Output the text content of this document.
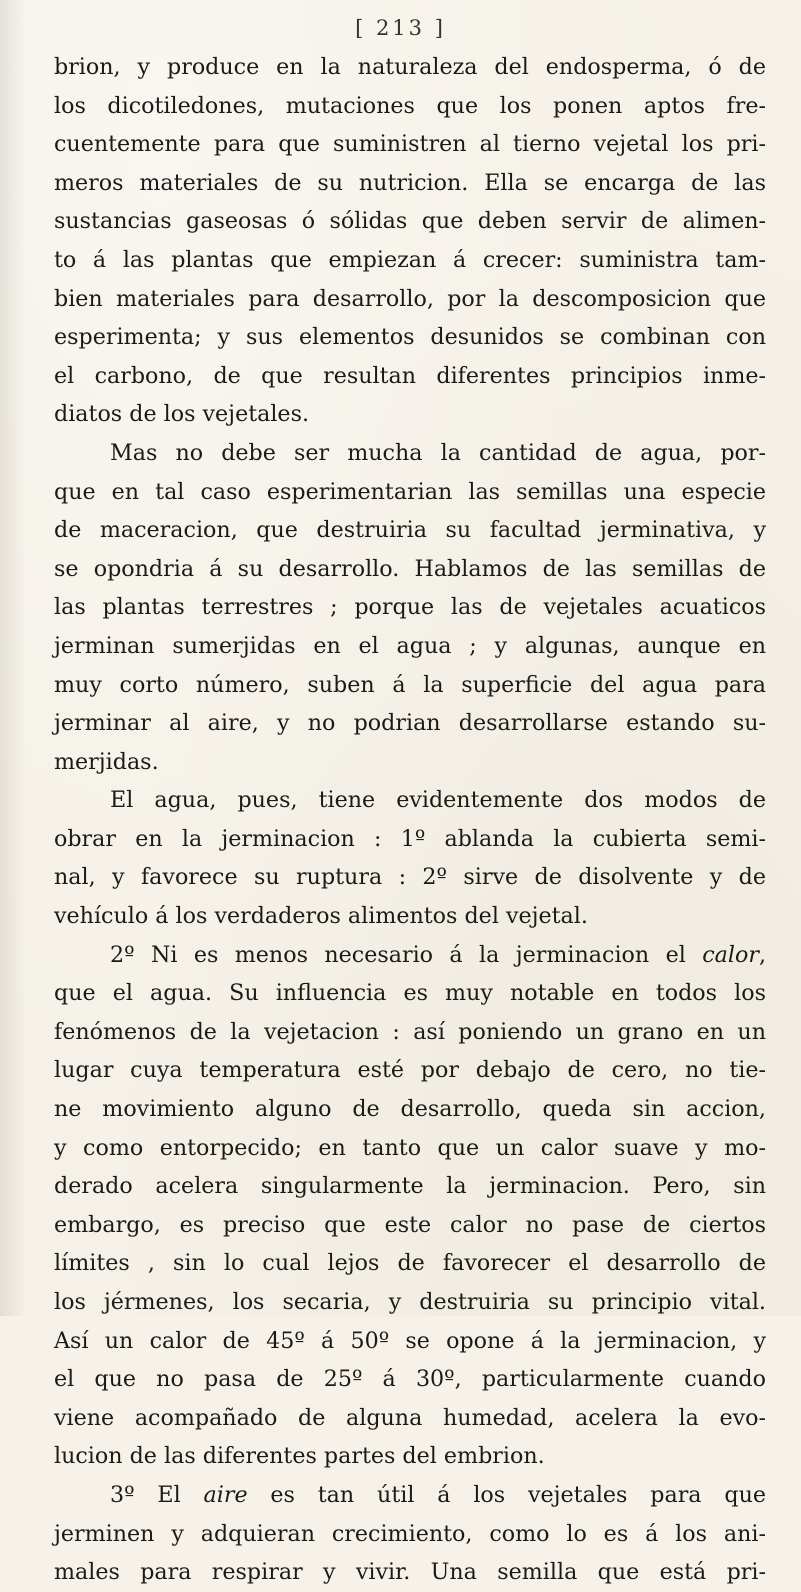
[ 213 ]
brion, y produce en la naturaleza del endosperma, ó de
los dicotiledones, mutaciones que los ponen aptos fre-
cuentemente para que suministren al tierno vejetal los pri-
meros materiales de su nutricion. Ella se encarga de las
sustancias gaseosas ó sólidas que deben servir de alimen-
to á las plantas que empiezan á crecer: suministra tam-
bien materiales para desarrollo, por la descomposicion que
esperimenta; y sus elementos desunidos se combinan con
el carbono, de que resultan diferentes principios inme-
diatos de los vejetales.
Mas no debe ser mucha la cantidad de agua, por-
que en tal caso esperimentarian las semillas una especie
de maceracion, que destruiria su facultad jerminativa, y
se opondria á su desarrollo. Hablamos de las semillas de
las plantas terrestres ; porque las de vejetales acuaticos
jerminan sumerjidas en el agua ; y algunas, aunque en
muy corto número, suben á la superficie del agua para
jerminar al aire, y no podrian desarrollarse estando su-
merjidas.
El agua, pues, tiene evidentemente dos modos de
obrar en la jerminacion : 1º ablanda la cubierta semi-
nal, y favorece su ruptura : 2º sirve de disolvente y de
vehículo á los verdaderos alimentos del vejetal.
2º Ni es menos necesario á la jerminacion el calor,
que el agua. Su influencia es muy notable en todos los
fenómenos de la vejetacion : así poniendo un grano en un
lugar cuya temperatura esté por debajo de cero, no tie-
ne movimiento alguno de desarrollo, queda sin accion,
y como entorpecido; en tanto que un calor suave y mo-
derado acelera singularmente la jerminacion. Pero, sin
embargo, es preciso que este calor no pase de ciertos
límites , sin lo cual lejos de favorecer el desarrollo de
los jérmenes, los secaria, y destruiria su principio vital.
Así un calor de 45º á 50º se opone á la jerminacion, y
el que no pasa de 25º á 30º, particularmente cuando
viene acompañado de alguna humedad, acelera la evo-
lucion de las diferentes partes del embrion.
3º El aire es tan útil á los vejetales para que
jerminen y adquieran crecimiento, como lo es á los ani-
males para respirar y vivir. Una semilla que está pri-
